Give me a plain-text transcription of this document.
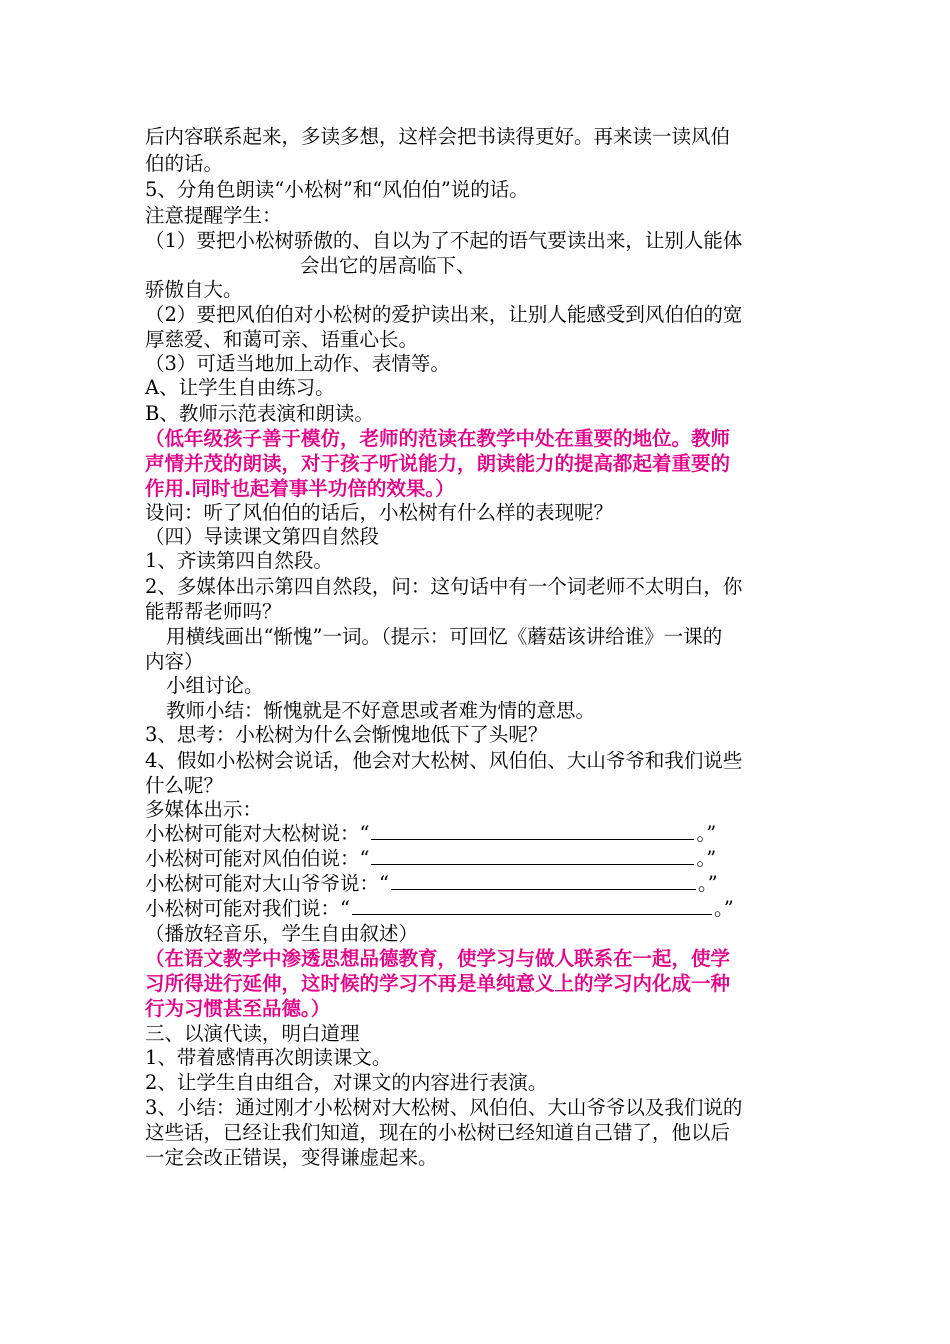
后内容联系起来，多读多想，这样会把书读得更好。再来读一读风伯
伯的话。
5、分角色朗读“小松树”和“风伯伯”说的话。
注意提醒学生：
（1）要把小松树骄傲的、自以为了不起的语气要读出来，让别人能体
会出它的居高临下、
骄傲自大。
（2）要把风伯伯对小松树的爱护读出来，让别人能感受到风伯伯的宽
厚慈爱、和蔼可亲、语重心长。
（3）可适当地加上动作、表情等。
A、让学生自由练习。
B、教师示范表演和朗读。
（低年级孩子善于模仿，老师的范读在教学中处在重要的地位。教师
声情并茂的朗读，对于孩子听说能力，朗读能力的提高都起着重要的
作用.同时也起着事半功倍的效果。）
设问：听了风伯伯的话后，小松树有什么样的表现呢？
（四）导读课文第四自然段
1、齐读第四自然段。
2、多媒体出示第四自然段，问：这句话中有一个词老师不太明白，你
能帮帮老师吗？
用横线画出“惭愧”一词。（提示：可回忆《蘑菇该讲给谁》一课的
内容）
小组讨论。
教师小结：惭愧就是不好意思或者难为情的意思。
3、思考：小松树为什么会惭愧地低下了头呢？
4、假如小松树会说话，他会对大松树、风伯伯、大山爷爷和我们说些
什么呢？
多媒体出示：
小松树可能对大松树说：“	。”
小松树可能对风伯伯说：“	。”
小松树可能对大山爷爷说：“	。”
小松树可能对我们说：“	。”
（播放轻音乐，学生自由叙述）
（在语文教学中渗透思想品德教育，使学习与做人联系在一起，使学
习所得进行延伸，这时候的学习不再是单纯意义上的学习内化成一种
行为习惯甚至品德。）
三、以演代读，明白道理
1、带着感情再次朗读课文。
2、让学生自由组合，对课文的内容进行表演。
3、小结：通过刚才小松树对大松树、风伯伯、大山爷爷以及我们说的
这些话，已经让我们知道，现在的小松树已经知道自己错了，他以后
一定会改正错误，变得谦虚起来。
